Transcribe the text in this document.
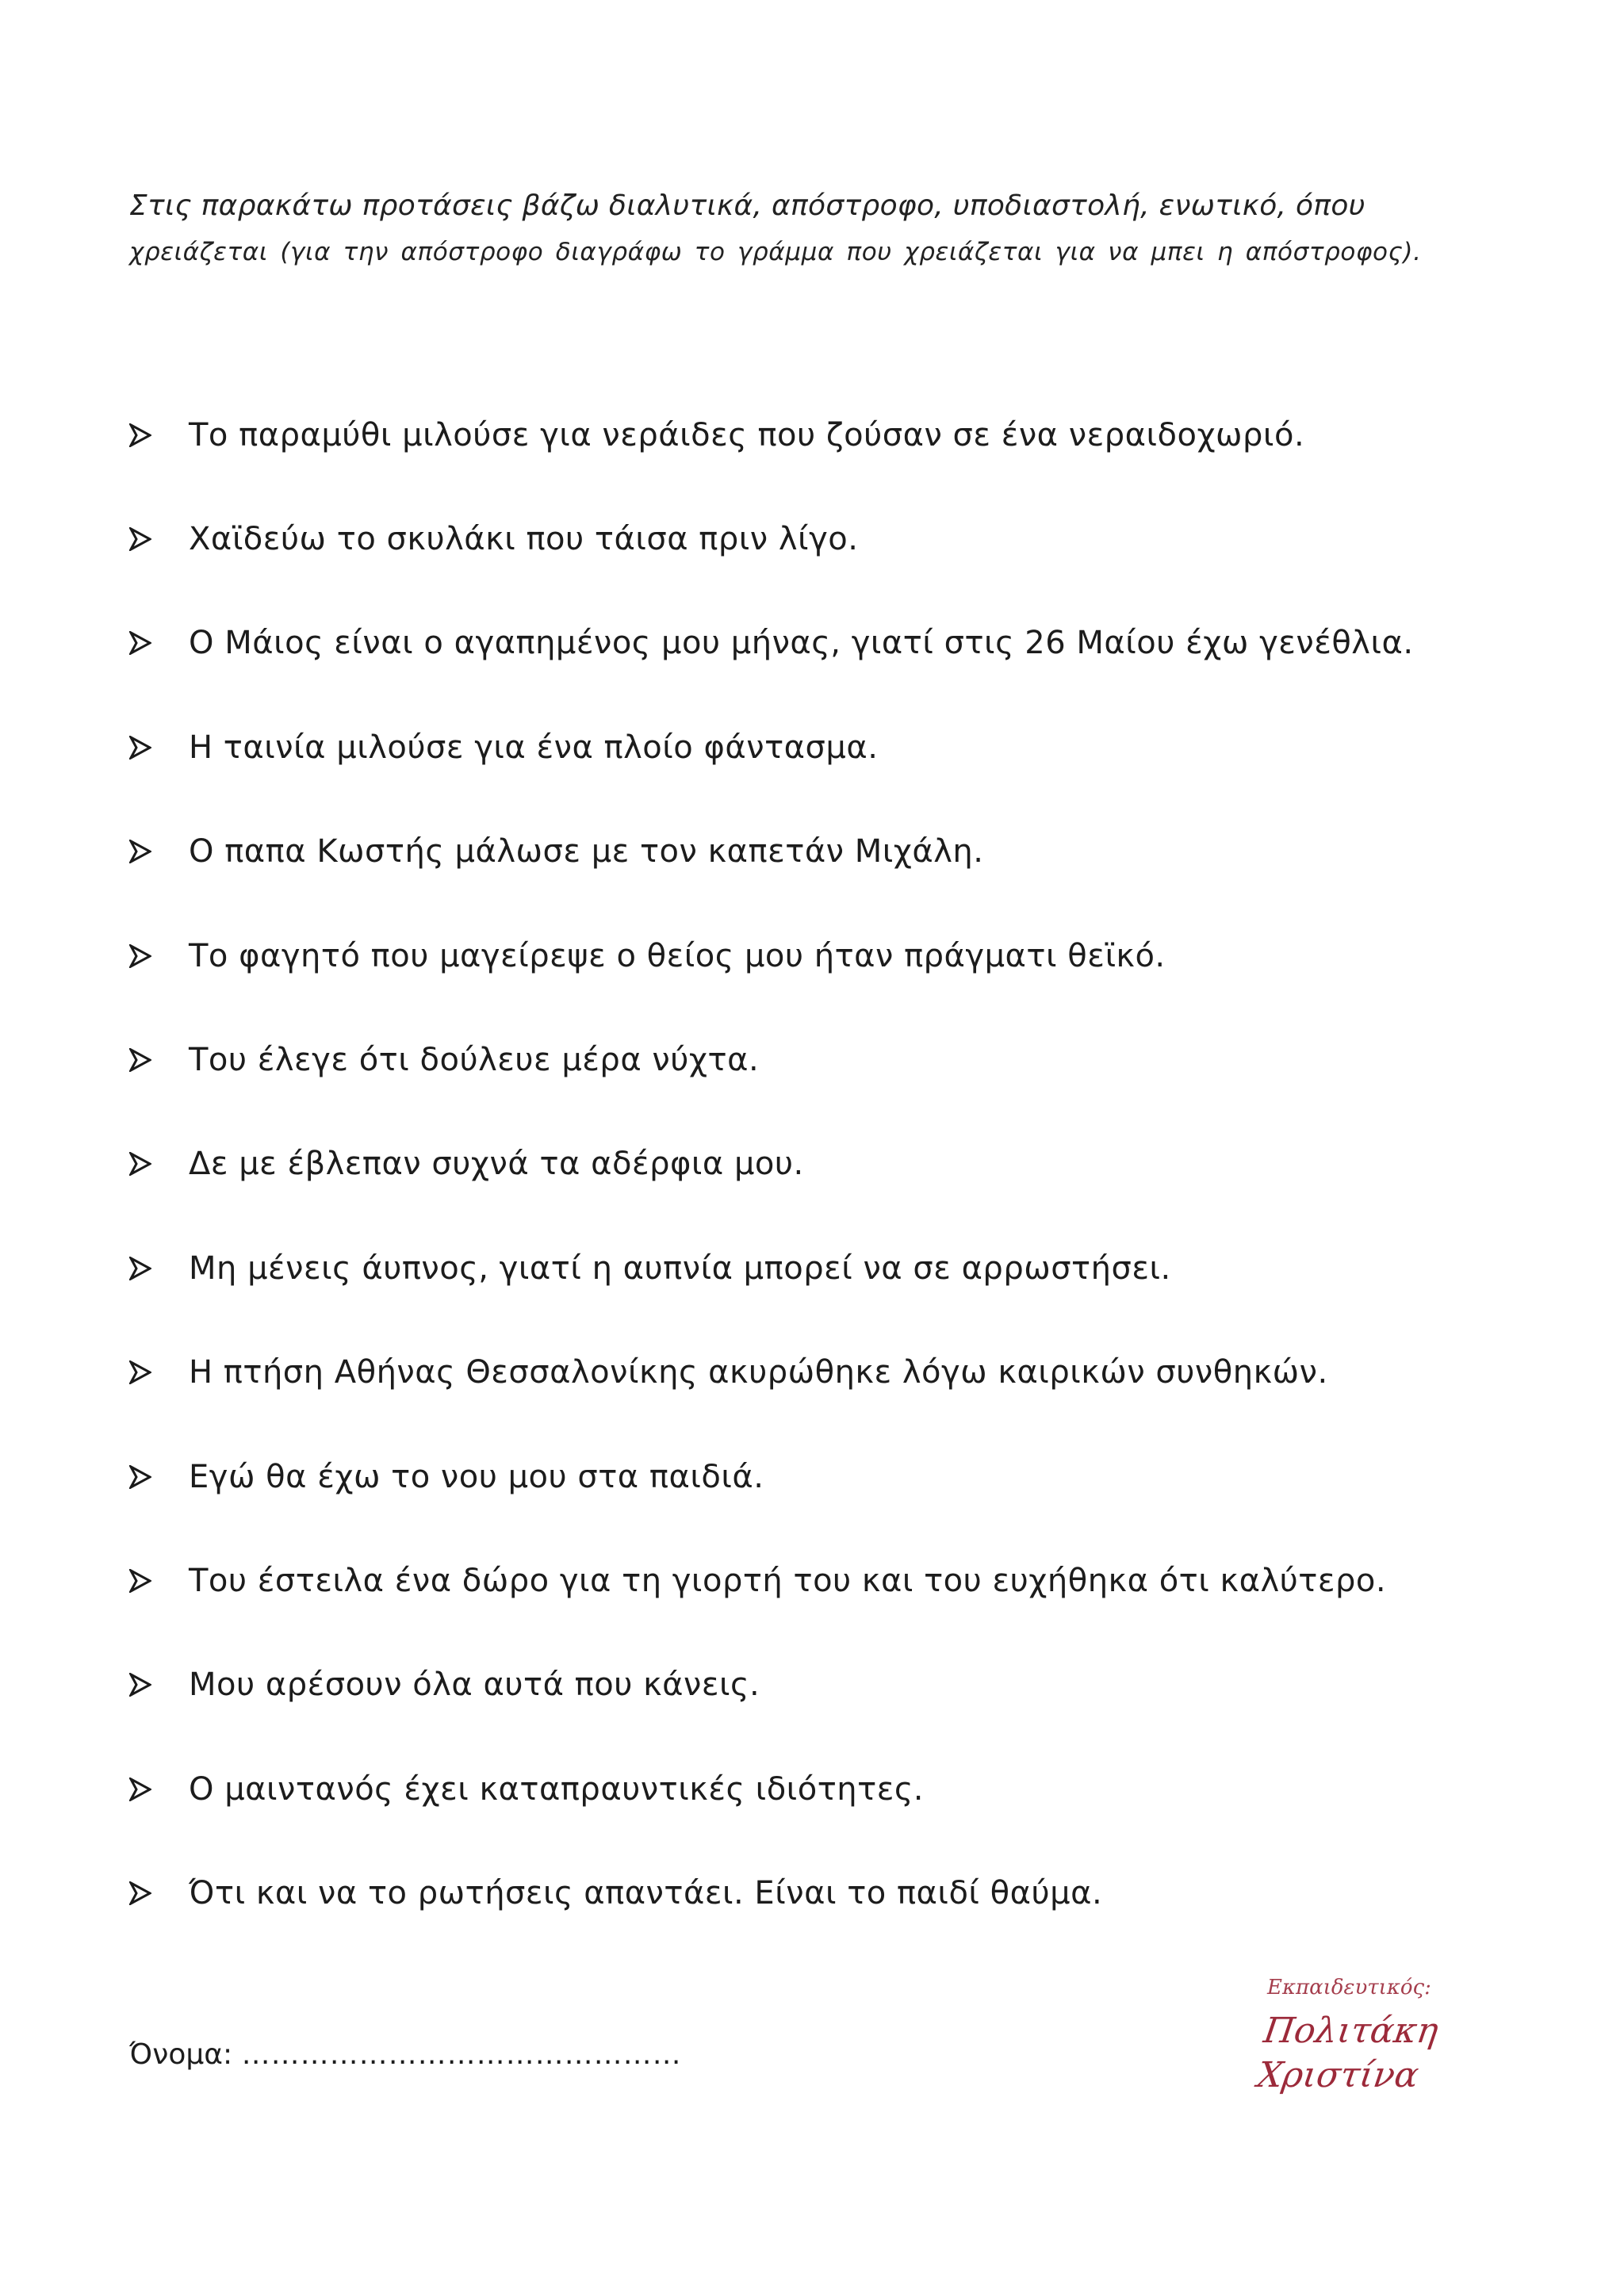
Στις παρακάτω προτάσεις βάζω διαλυτικά, απόστροφο, υποδιαστολή, ενωτικό, όπου
χρειάζεται (για την απόστροφο διαγράφω το γράμμα που χρειάζεται για να μπει η απόστροφος).
Το παραμύθι μιλούσε για νεράιδες που ζούσαν σε ένα νεραιδοχωριό.
Χαϊδεύω το σκυλάκι που τάισα πριν λίγο.
Ο Μάιος είναι ο αγαπημένος μου μήνας, γιατί στις 26 Μαίου έχω γενέθλια.
Η ταινία μιλούσε για ένα πλοίο φάντασμα.
Ο παπα Κωστής μάλωσε με τον καπετάν Μιχάλη.
Το φαγητό που μαγείρεψε ο θείος μου ήταν πράγματι θεϊκό.
Του έλεγε ότι δούλευε μέρα νύχτα.
Δε με έβλεπαν συχνά τα αδέρφια μου.
Μη μένεις άυπνος, γιατί η αυπνία μπορεί να σε αρρωστήσει.
Η πτήση Αθήνας Θεσσαλονίκης ακυρώθηκε λόγω καιρικών συνθηκών.
Εγώ θα έχω το νου μου στα παιδιά.
Του έστειλα ένα δώρο για τη γιορτή του και του ευχήθηκα ότι καλύτερο.
Μου αρέσουν όλα αυτά που κάνεις.
Ο μαιντανός έχει καταπραυντικές ιδιότητες.
Ότι και να το ρωτήσεις απαντάει. Είναι το παιδί θαύμα.
Όνομα: ………………………………………
Εκπαιδευτικός:
Πολιτάκη Χριστίνα
